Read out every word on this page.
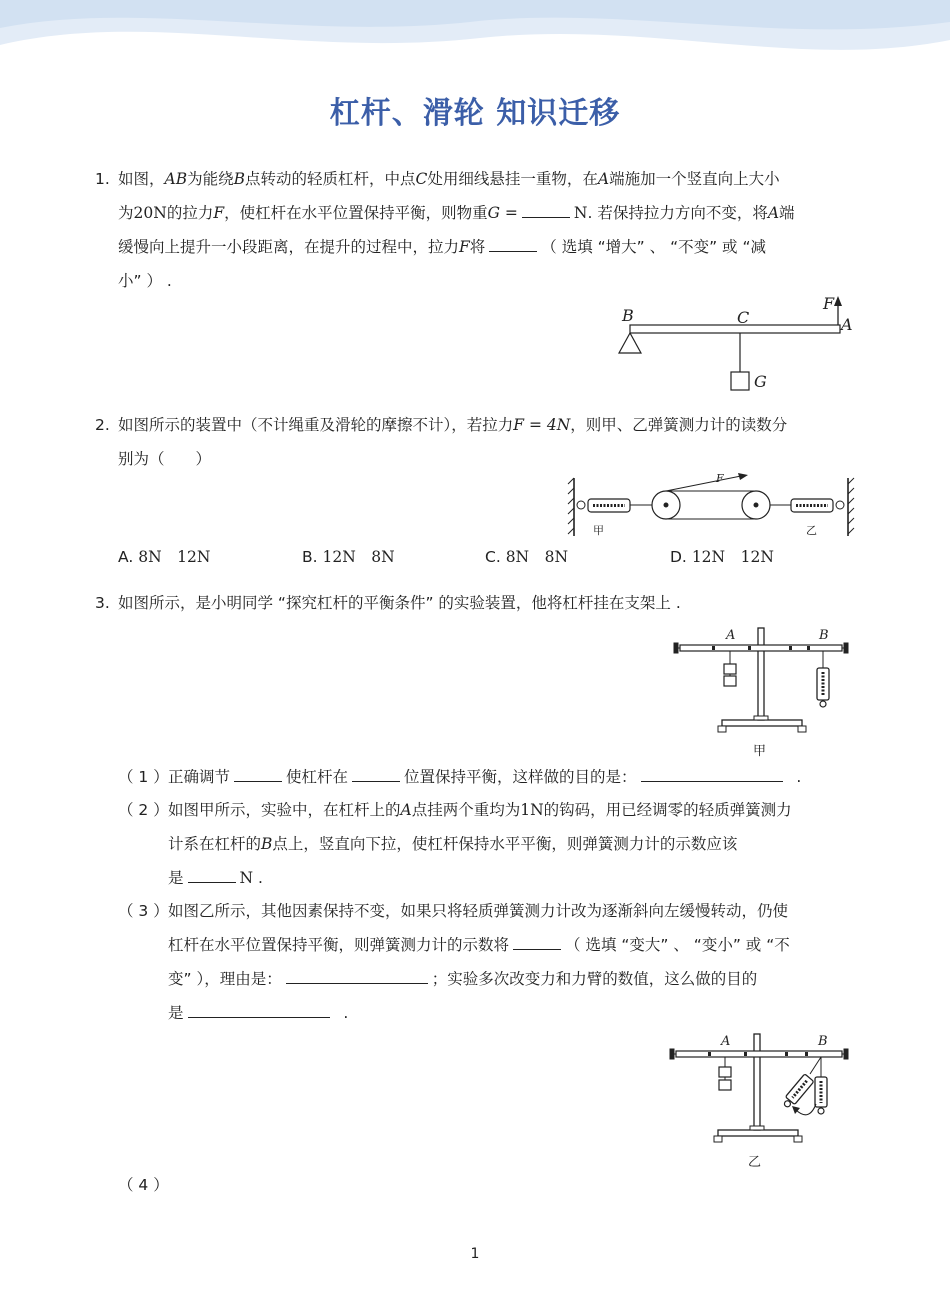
杠杆、滑轮 知识迁移
1. 如图，AB为能绕B点转动的轻质杠杆，中点C处用细线悬挂一重物，在A端施加一个竖直向上大小
为20N的拉力F，使杠杆在水平位置保持平衡，则物重G =	N. 若保持拉力方向不变，将A端
缓慢向上提升一小段距离，在提升的过程中，拉力F将	（ 选填 “增大” 、 “不变” 或 “减
小” ） .
B	C
F
A
G
2. 如图所示的装置中（不计绳重及滑轮的摩擦不计），若拉力F = 4N，则甲、乙弹簧测力计的读数分
别为（　　）
F
甲	乙
A. 8N　12N	B. 12N　8N	C. 8N　8N	D. 12N　12N
3. 如图所示，是小明同学 “探究杠杆的平衡条件” 的实验装置，他将杠杆挂在支架上 .
A	B
甲
（ 1 ） 正确调节	使杠杆在	位置保持平衡，这样做的目的是：	.
（ 2 ） 如图甲所示，实验中，在杠杆上的A点挂两个重均为1N的钩码，用已经调零的轻质弹簧测力
计系在杠杆的B点上，竖直向下拉，使杠杆保持水平平衡，则弹簧测力计的示数应该
是	N .
（ 3 ） 如图乙所示，其他因素保持不变，如果只将轻质弹簧测力计改为逐渐斜向左缓慢转动，仍使
杠杆在水平位置保持平衡，则弹簧测力计的示数将	（ 选填 “变大” 、 “变小” 或 “不
变” ），理由是：	；实验多次改变力和力臂的数值，这么做的目的
是	.
A	B
乙
（ 4 ）
1
